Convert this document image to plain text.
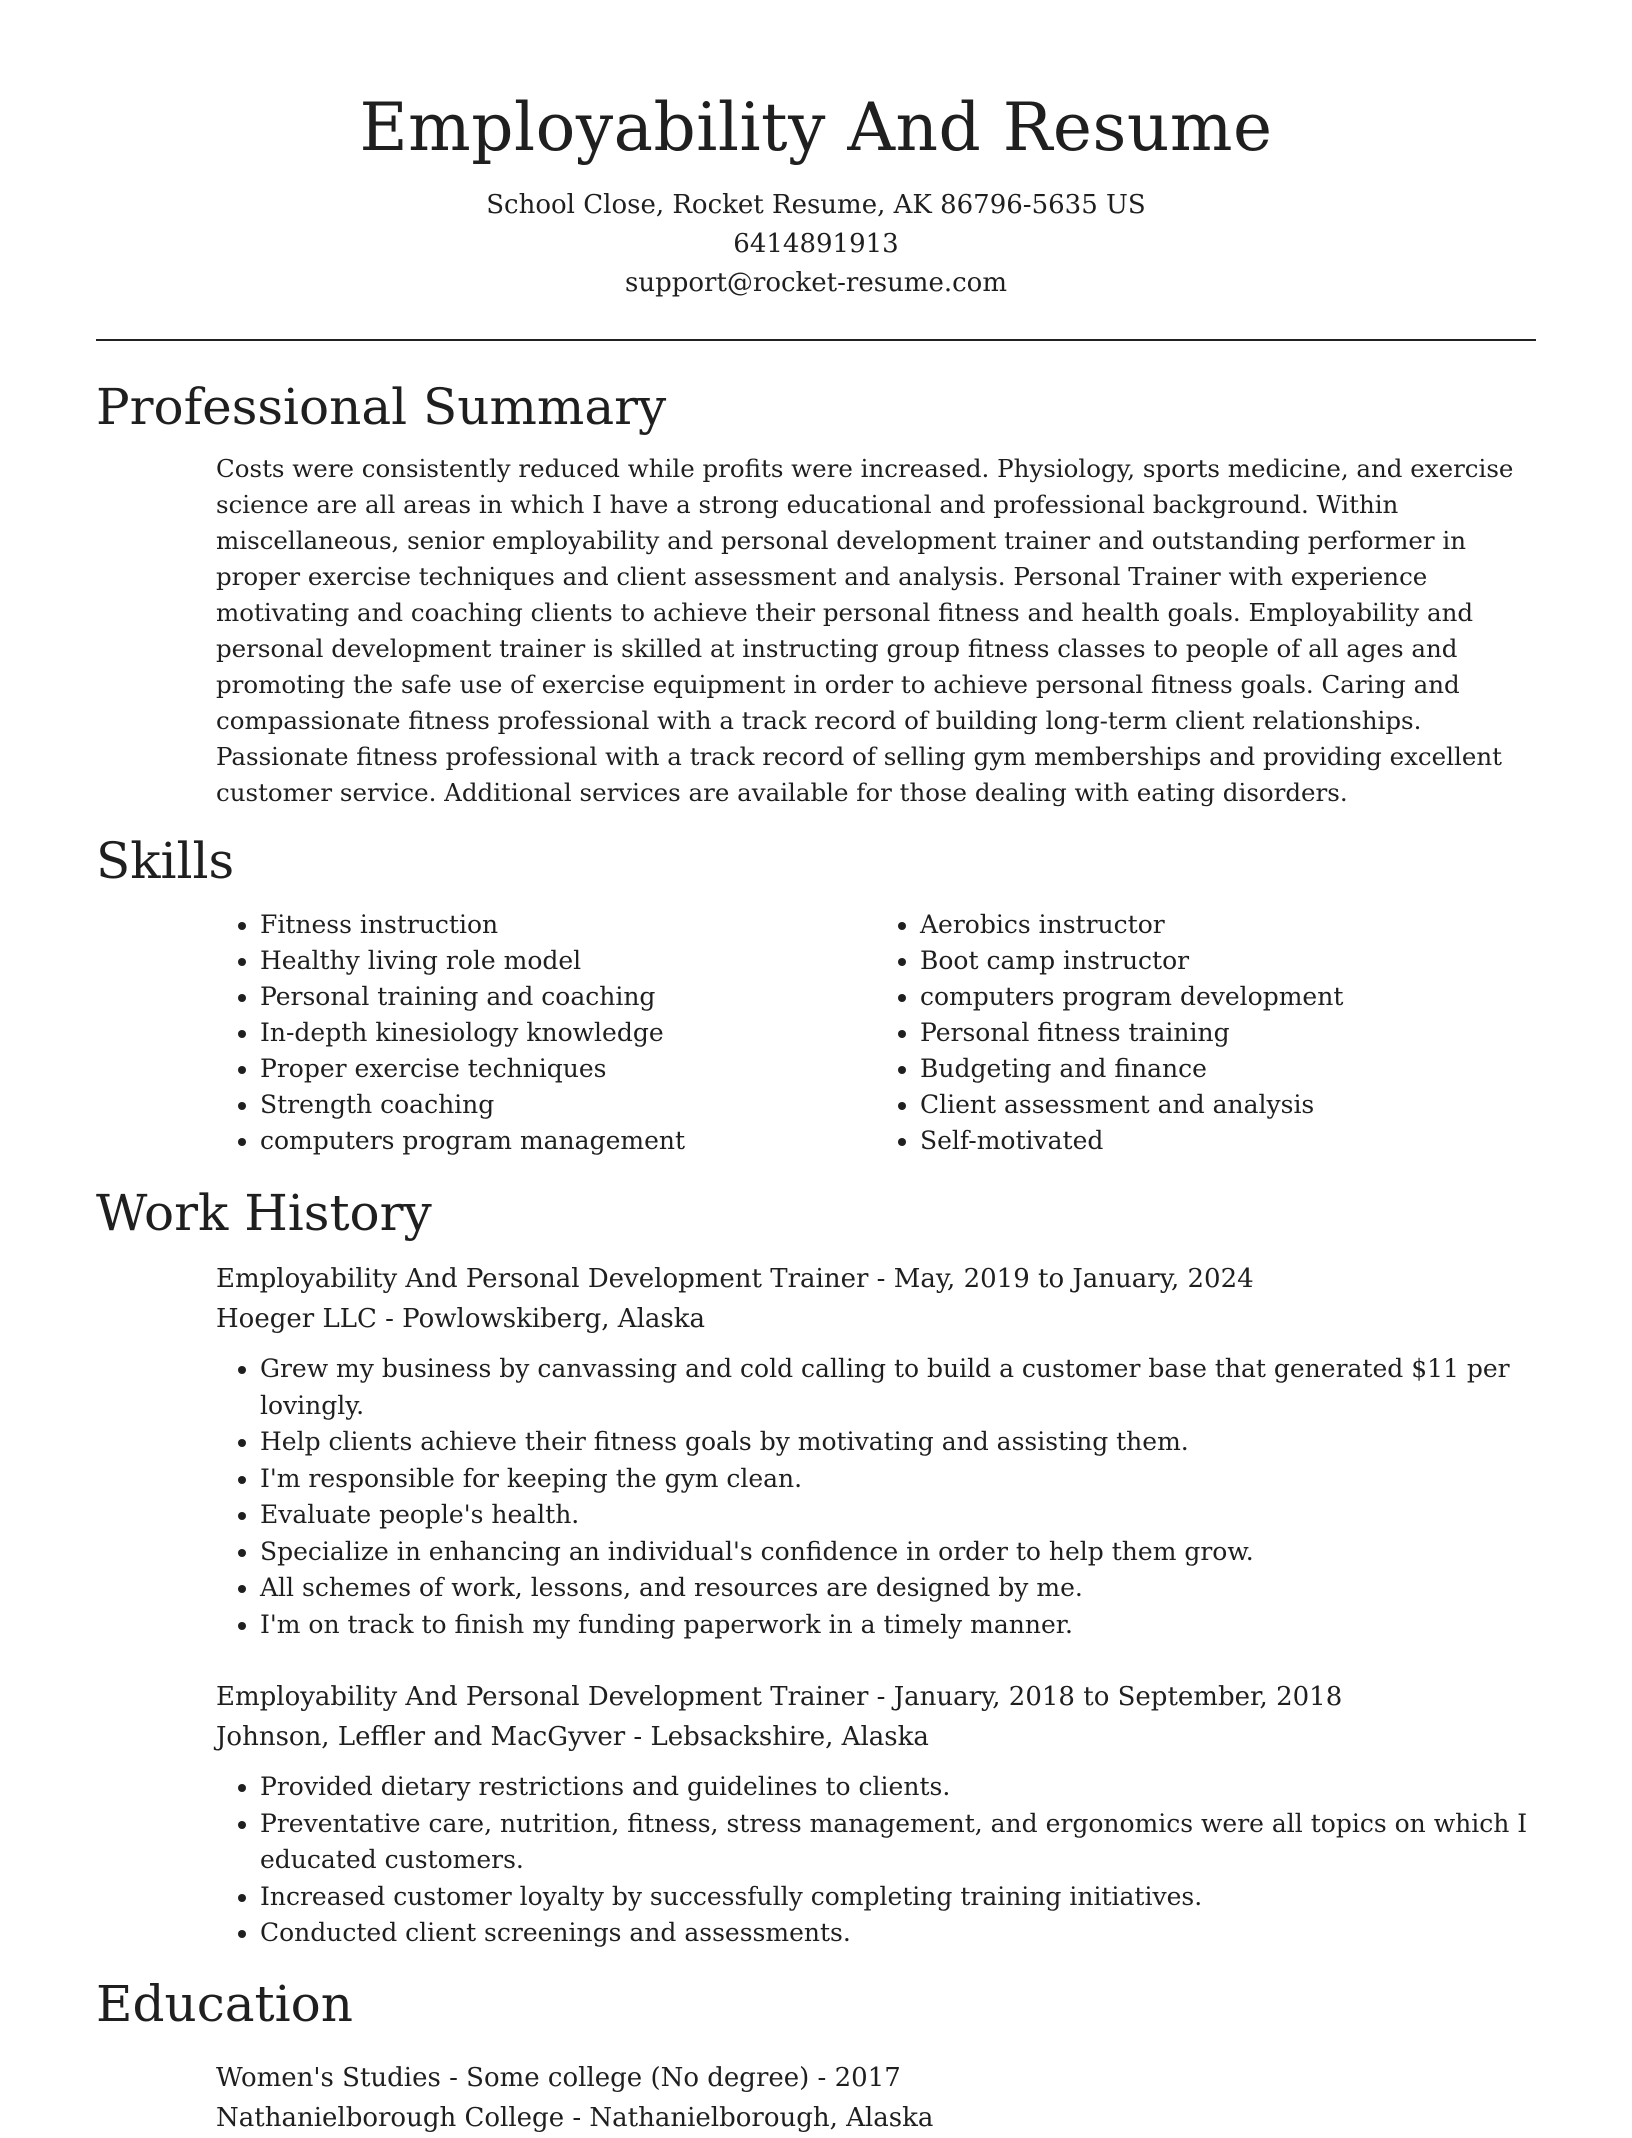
Employability And Resume
School Close, Rocket Resume, AK 86796-5635 US
6414891913
support@rocket-resume.com
Professional Summary

Costs were consistently reduced while profits were increased. Physiology, sports medicine, and exercise science are all areas in which I have a strong educational and professional background. Within miscellaneous, senior employability and personal development trainer and outstanding performer in proper exercise techniques and client assessment and analysis. Personal Trainer with experience motivating and coaching clients to achieve their personal fitness and health goals. Employability and personal development trainer is skilled at instructing group fitness classes to people of all ages and promoting the safe use of exercise equipment in order to achieve personal fitness goals. Caring and compassionate fitness professional with a track record of building long-term client relationships. Passionate fitness professional with a track record of selling gym memberships and providing excellent customer service. Additional services are available for those dealing with eating disorders.

Skills
• Fitness instruction
• Healthy living role model
• Personal training and coaching
• In-depth kinesiology knowledge
• Proper exercise techniques
• Strength coaching
• computers program management
• Aerobics instructor
• Boot camp instructor
• computers program development
• Personal fitness training
• Budgeting and finance
• Client assessment and analysis
• Self-motivated
Work History
Employability And Personal Development Trainer - May, 2019 to January, 2024
Hoeger LLC - Powlowskiberg, Alaska
• Grew my business by canvassing and cold calling to build a customer base that generated $11 per lovingly.
• Help clients achieve their fitness goals by motivating and assisting them.
• I'm responsible for keeping the gym clean.
• Evaluate people's health.
• Specialize in enhancing an individual's confidence in order to help them grow.
• All schemes of work, lessons, and resources are designed by me.
• I'm on track to finish my funding paperwork in a timely manner.
Employability And Personal Development Trainer - January, 2018 to September, 2018
Johnson, Leffler and MacGyver - Lebsackshire, Alaska
• Provided dietary restrictions and guidelines to clients.
• Preventative care, nutrition, fitness, stress management, and ergonomics were all topics on which I educated customers.
• Increased customer loyalty by successfully completing training initiatives.
• Conducted client screenings and assessments.
Education
Women's Studies - Some college (No degree) - 2017
Nathanielborough College - Nathanielborough, Alaska
